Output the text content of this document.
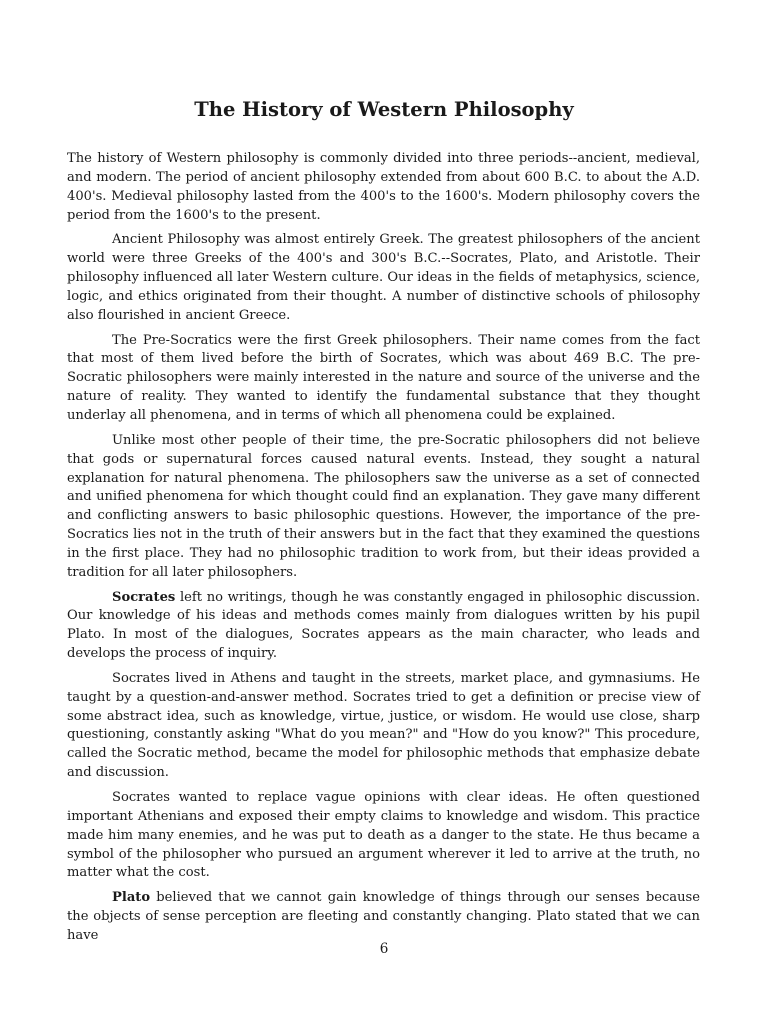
The History of Western Philosophy

The history of Western philosophy is commonly divided into three periods--ancient, medieval, and modern. The period of ancient philosophy extended from about 600 B.C. to about the A.D. 400's. Medieval philosophy lasted from the 400's to the 1600's. Modern philosophy covers the period from the 1600's to the present.

Ancient Philosophy was almost entirely Greek. The greatest philosophers of the ancient world were three Greeks of the 400's and 300's B.C.--Socrates, Plato, and Aristotle. Their philosophy influenced all later Western culture. Our ideas in the fields of metaphysics, science, logic, and ethics originated from their thought. A number of distinctive schools of philosophy also flourished in ancient Greece.

The Pre-Socratics were the first Greek philosophers. Their name comes from the fact that most of them lived before the birth of Socrates, which was about 469 B.C. The pre-Socratic philosophers were mainly interested in the nature and source of the universe and the nature of reality. They wanted to identify the fundamental substance that they thought underlay all phenomena, and in terms of which all phenomena could be explained.

Unlike most other people of their time, the pre-Socratic philosophers did not believe that gods or supernatural forces caused natural events. Instead, they sought a natural explanation for natural phenomena. The philosophers saw the universe as a set of connected and unified phenomena for which thought could find an explanation. They gave many different and conflicting answers to basic philosophic questions. However, the importance of the pre-Socratics lies not in the truth of their answers but in the fact that they examined the questions in the first place. They had no philosophic tradition to work from, but their ideas provided a tradition for all later philosophers.

Socrates left no writings, though he was constantly engaged in philosophic discussion. Our knowledge of his ideas and methods comes mainly from dialogues written by his pupil Plato. In most of the dialogues, Socrates appears as the main character, who leads and develops the process of inquiry.

Socrates lived in Athens and taught in the streets, market place, and gymnasiums. He taught by a question-and-answer method. Socrates tried to get a definition or precise view of some abstract idea, such as knowledge, virtue, justice, or wisdom. He would use close, sharp questioning, constantly asking "What do you mean?" and "How do you know?" This procedure, called the Socratic method, became the model for philosophic methods that emphasize debate and discussion.

Socrates wanted to replace vague opinions with clear ideas. He often questioned important Athenians and exposed their empty claims to knowledge and wisdom. This practice made him many enemies, and he was put to death as a danger to the state. He thus became a symbol of the philosopher who pursued an argument wherever it led to arrive at the truth, no matter what the cost.

Plato believed that we cannot gain knowledge of things through our senses because the objects of sense perception are fleeting and constantly changing. Plato stated that we can have

6
